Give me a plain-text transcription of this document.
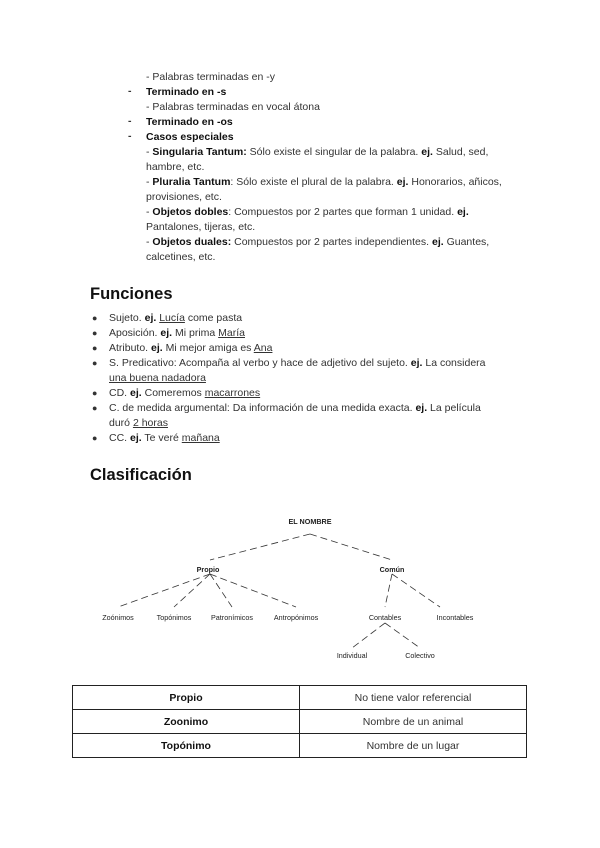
- Palabras terminadas en -y
- Terminado en -s
- Palabras terminadas en vocal átona
- Terminado en -os
- Casos especiales
- Singularia Tantum: Sólo existe el singular de la palabra. ej. Salud, sed,
hambre, etc.
- Pluralia Tantum: Sólo existe el plural de la palabra. ej. Honorarios, añicos,
provisiones, etc.
- Objetos dobles: Compuestos por 2 partes que forman 1 unidad. ej.
Pantalones, tijeras, etc.
- Objetos duales: Compuestos por 2 partes independientes. ej. Guantes,
calcetines, etc.
Funciones
● Sujeto. ej. Lucía come pasta
● Aposición. ej. Mi prima María
● Atributo. ej. Mi mejor amiga es Ana
● S. Predicativo: Acompaña al verbo y hace de adjetivo del sujeto. ej. La considera
una buena nadadora
● CD. ej. Comeremos macarrones
● C. de medida argumental: Da información de una medida exacta. ej. La película
duró 2 horas
● CC. ej. Te veré mañana
Clasificación
EL NOMBRE
Propio	Común
Zoónimos	Topónimos	Patronímicos	Antropónimos	Contables	Incontables
Individual	Colectivo
Propio	No tiene valor referencial
Zoonimo	Nombre de un animal
Topónimo	Nombre de un lugar
